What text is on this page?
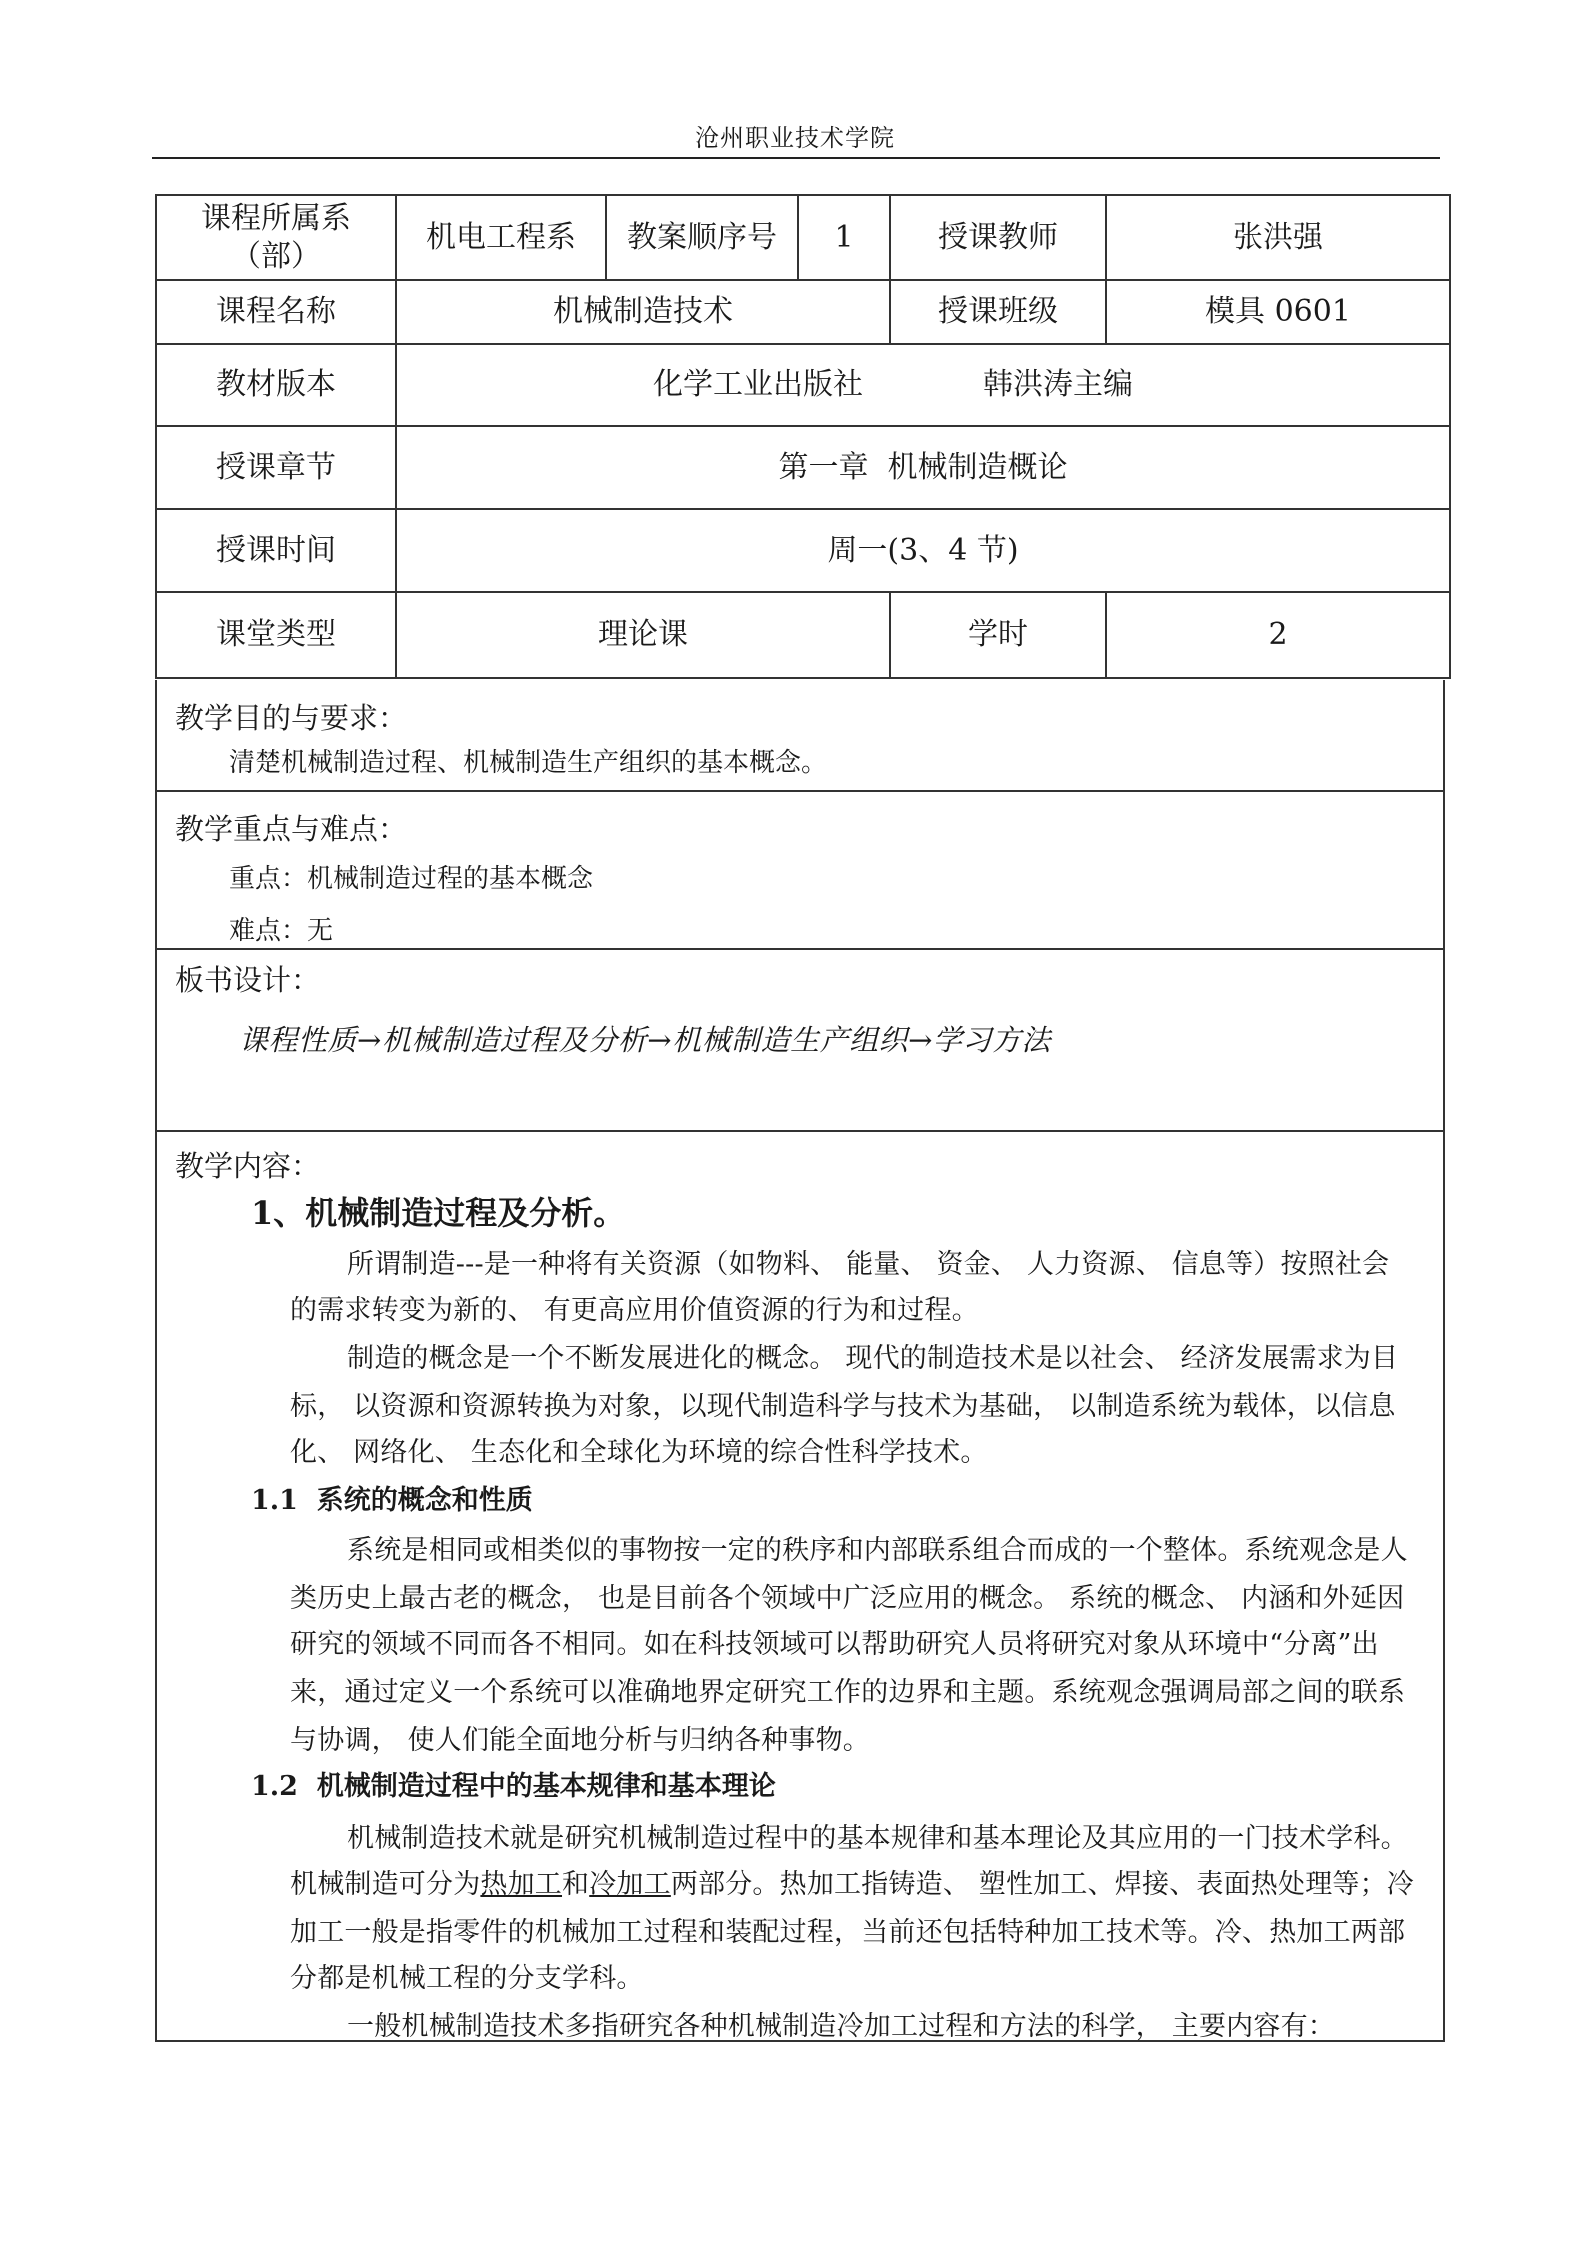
沧州职业技术学院
课程所属系（部）	机电工程系	教案顺序号	1	授课教师	张洪强
课程名称	机械制造技术			授课班级	模具 0601
教材版本	化学工业出版社 韩洪涛主编				
授课章节	第一章  机械制造概论				
授课时间	周一(3、4 节)				
课堂类型	理论课			学时	2
教学目的与要求：
清楚机械制造过程、机械制造生产组织的基本概念。
教学重点与难点：
重点：机械制造过程的基本概念
难点：无
板书设计：
课程性质→机械制造过程及分析→机械制造生产组织→学习方法
教学内容：
1、机械制造过程及分析。
所谓制造---是一种将有关资源（如物料、 能量、 资金、 人力资源、 信息等）按照社会
的需求转变为新的、 有更高应用价值资源的行为和过程。
制造的概念是一个不断发展进化的概念。 现代的制造技术是以社会、 经济发展需求为目
标， 以资源和资源转换为对象，以现代制造科学与技术为基础， 以制造系统为载体，以信息
化、 网络化、 生态化和全球化为环境的综合性科学技术。
1.1  系统的概念和性质
系统是相同或相类似的事物按一定的秩序和内部联系组合而成的一个整体。系统观念是人
类历史上最古老的概念， 也是目前各个领域中广泛应用的概念。 系统的概念、 内涵和外延因
研究的领域不同而各不相同。如在科技领域可以帮助研究人员将研究对象从环境中“分离”出
来，通过定义一个系统可以准确地界定研究工作的边界和主题。系统观念强调局部之间的联系
与协调， 使人们能全面地分析与归纳各种事物。
1.2  机械制造过程中的基本规律和基本理论
机械制造技术就是研究机械制造过程中的基本规律和基本理论及其应用的一门技术学科。
机械制造可分为热加工和冷加工两部分。热加工指铸造、 塑性加工、焊接、表面热处理等；冷
加工一般是指零件的机械加工过程和装配过程，当前还包括特种加工技术等。冷、热加工两部
分都是机械工程的分支学科。
一般机械制造技术多指研究各种机械制造冷加工过程和方法的科学， 主要内容有：
